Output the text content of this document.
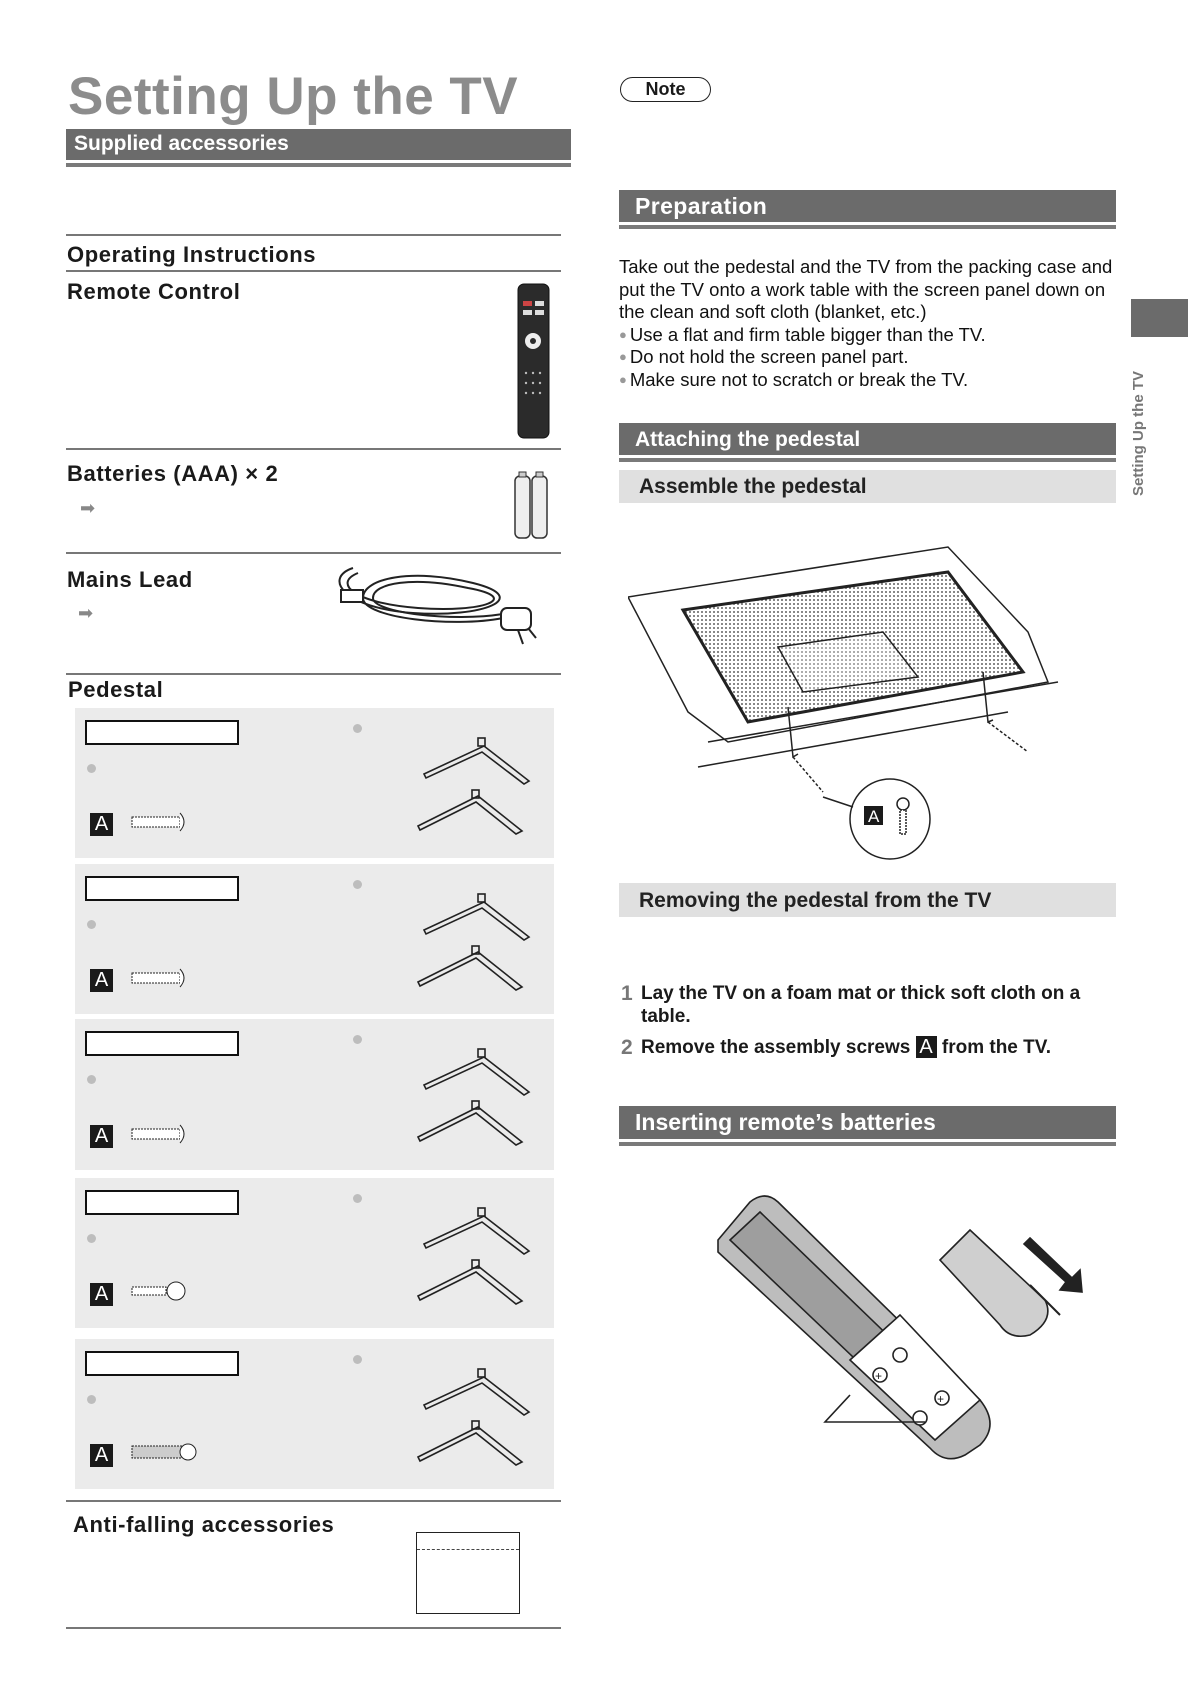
Setting Up the TV
Supplied accessories
Operating Instructions
Remote Control
Batteries (AAA) × 2
➡
Mains Lead
➡
Pedestal
A
A
A
A
A
Anti-falling accessories
Note
Preparation
Take out the pedestal and the TV from the packing case and put the TV onto a work table with the screen panel down on the clean and soft cloth (blanket, etc.)
● Use a flat and firm table bigger than the TV.
● Do not hold the screen panel part.
● Make sure not to scratch or break the TV.
Attaching the pedestal
Assemble the pedestal
A
Removing the pedestal from the TV
1 Lay the TV on a foam mat or thick soft cloth on a table.
2 Remove the assembly screws A from the TV.
Inserting remote’s batteries
+
+
Setting Up the TV
